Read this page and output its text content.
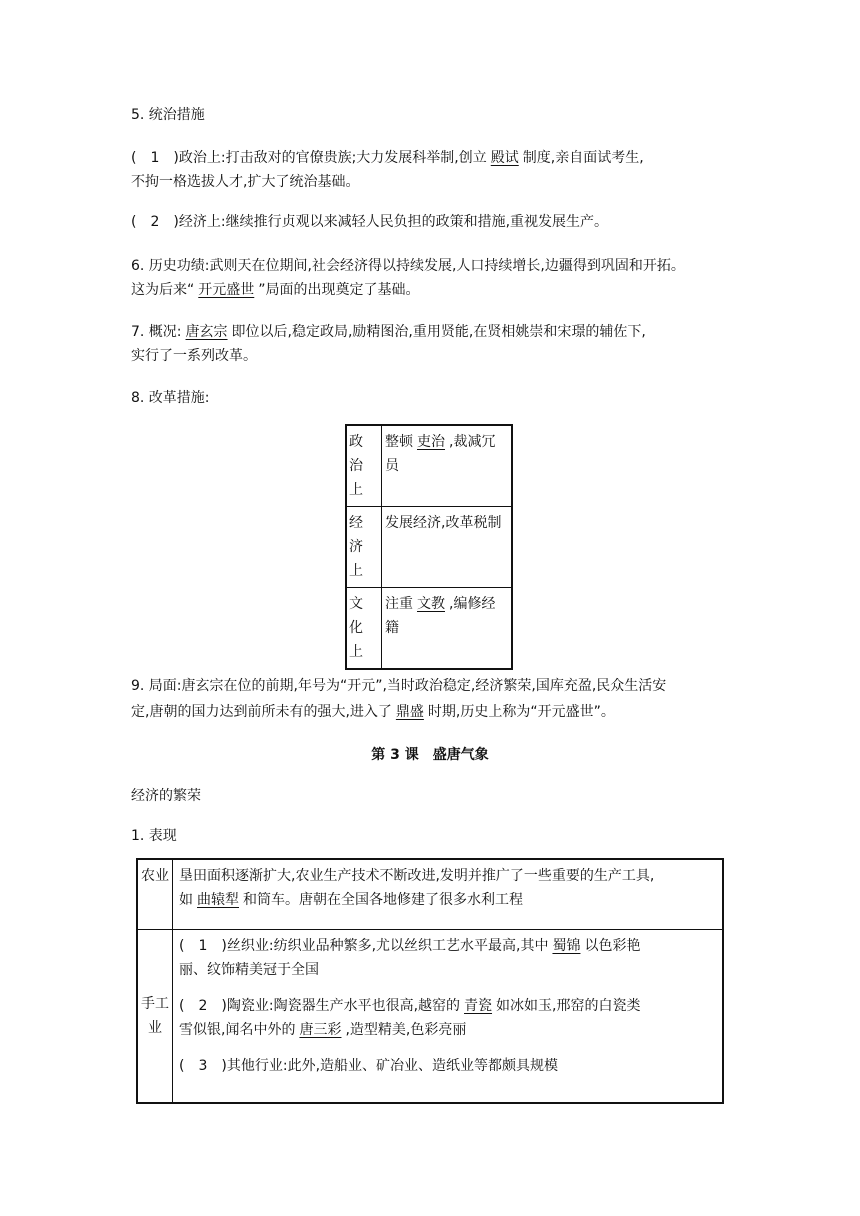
5. 统治措施
(　1　 )政治上:打击敌对的官僚贵族;大力发展科举制,创立 殿试 制度,亲自面试考生,
不拘一格选拔人才,扩大了统治基础。
(　2　 )经济上:继续推行贞观以来减轻人民负担的政策和措施,重视发展生产。
6. 历史功绩:武则天在位期间,社会经济得以持续发展,人口持续增长,边疆得到巩固和开拓。
这为后来“ 开元盛世 ”局面的出现奠定了基础。
7. 概况: 唐玄宗 即位以后,稳定政局,励精图治,重用贤能,在贤相姚崇和宋璟的辅佐下,
实行了一系列改革。
8. 改革措施:
政治上	整顿 吏治 ,裁减冗员
经济上	发展经济,改革税制
文化上	注重 文教 ,编修经籍
9. 局面:唐玄宗在位的前期,年号为“开元”,当时政治稳定,经济繁荣,国库充盈,民众生活安
定,唐朝的国力达到前所未有的强大,进入了 鼎盛 时期,历史上称为“开元盛世”。
第 3 课　盛唐气象
经济的繁荣
1. 表现
农业	垦田面积逐渐扩大,农业生产技术不断改进,发明并推广了一些重要的生产工具,
如 曲辕犁 和筒车。唐朝在全国各地修建了很多水利工程

手工业	(　1　 )丝织业:纺织业品种繁多,尤以丝织工艺水平最高,其中 蜀锦 以色彩艳
丽、纹饰精美冠于全国
(　2　 )陶瓷业:陶瓷器生产水平也很高,越窑的 青瓷 如冰如玉,邢窑的白瓷类
雪似银,闻名中外的 唐三彩 ,造型精美,色彩亮丽
(　3　 )其他行业:此外,造船业、矿冶业、造纸业等都颇具规模
